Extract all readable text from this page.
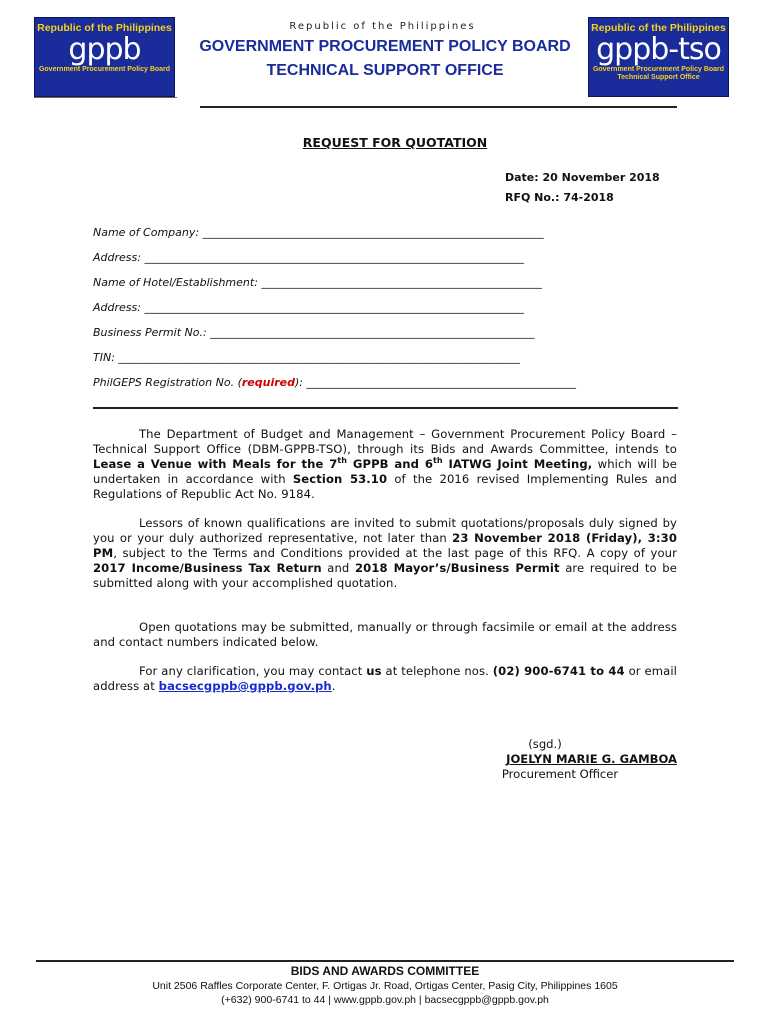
Republic of the Philippines
gppb
Government Procurement Policy Board
Republic of the Philippines
gppb-tso
Government Procurement Policy Board Technical Support Office
Republic of the Philippines
GOVERNMENT PROCUREMENT POLICY BOARD
TECHNICAL SUPPORT OFFICE
REQUEST FOR QUOTATION
Date: 20 November 2018
RFQ No.: 74-2018
Name of Company: ______________________________________________________________
Address: _____________________________________________________________________
Name of Hotel/Establishment: ___________________________________________________
Address: _____________________________________________________________________
Business Permit No.: ___________________________________________________________
TIN: _________________________________________________________________________
PhilGEPS Registration No. (required): _________________________________________________
The Department of Budget and Management – Government Procurement Policy Board – Technical Support Office (DBM-GPPB-TSO), through its Bids and Awards Committee, intends to Lease a Venue with Meals for the 7th GPPB and 6th IATWG Joint Meeting, which will be undertaken in accordance with Section 53.10 of the 2016 revised Implementing Rules and Regulations of Republic Act No. 9184.
Lessors of known qualifications are invited to submit quotations/proposals duly signed by you or your duly authorized representative, not later than 23 November 2018 (Friday), 3:30 PM, subject to the Terms and Conditions provided at the last page of this RFQ. A copy of your 2017 Income/Business Tax Return and 2018 Mayor’s/Business Permit are required to be submitted along with your accomplished quotation.
Open quotations may be submitted, manually or through facsimile or email at the address and contact numbers indicated below.
For any clarification, you may contact us at telephone nos. (02) 900-6741 to 44 or email address at bacsecgppb@gppb.gov.ph.
(sgd.)
JOELYN MARIE G. GAMBOA
Procurement Officer
BIDS AND AWARDS COMMITTEE
Unit 2506 Raffles Corporate Center, F. Ortigas Jr. Road, Ortigas Center, Pasig City, Philippines 1605
(+632) 900-6741 to 44 | www.gppb.gov.ph | bacsecgppb@gppb.gov.ph
